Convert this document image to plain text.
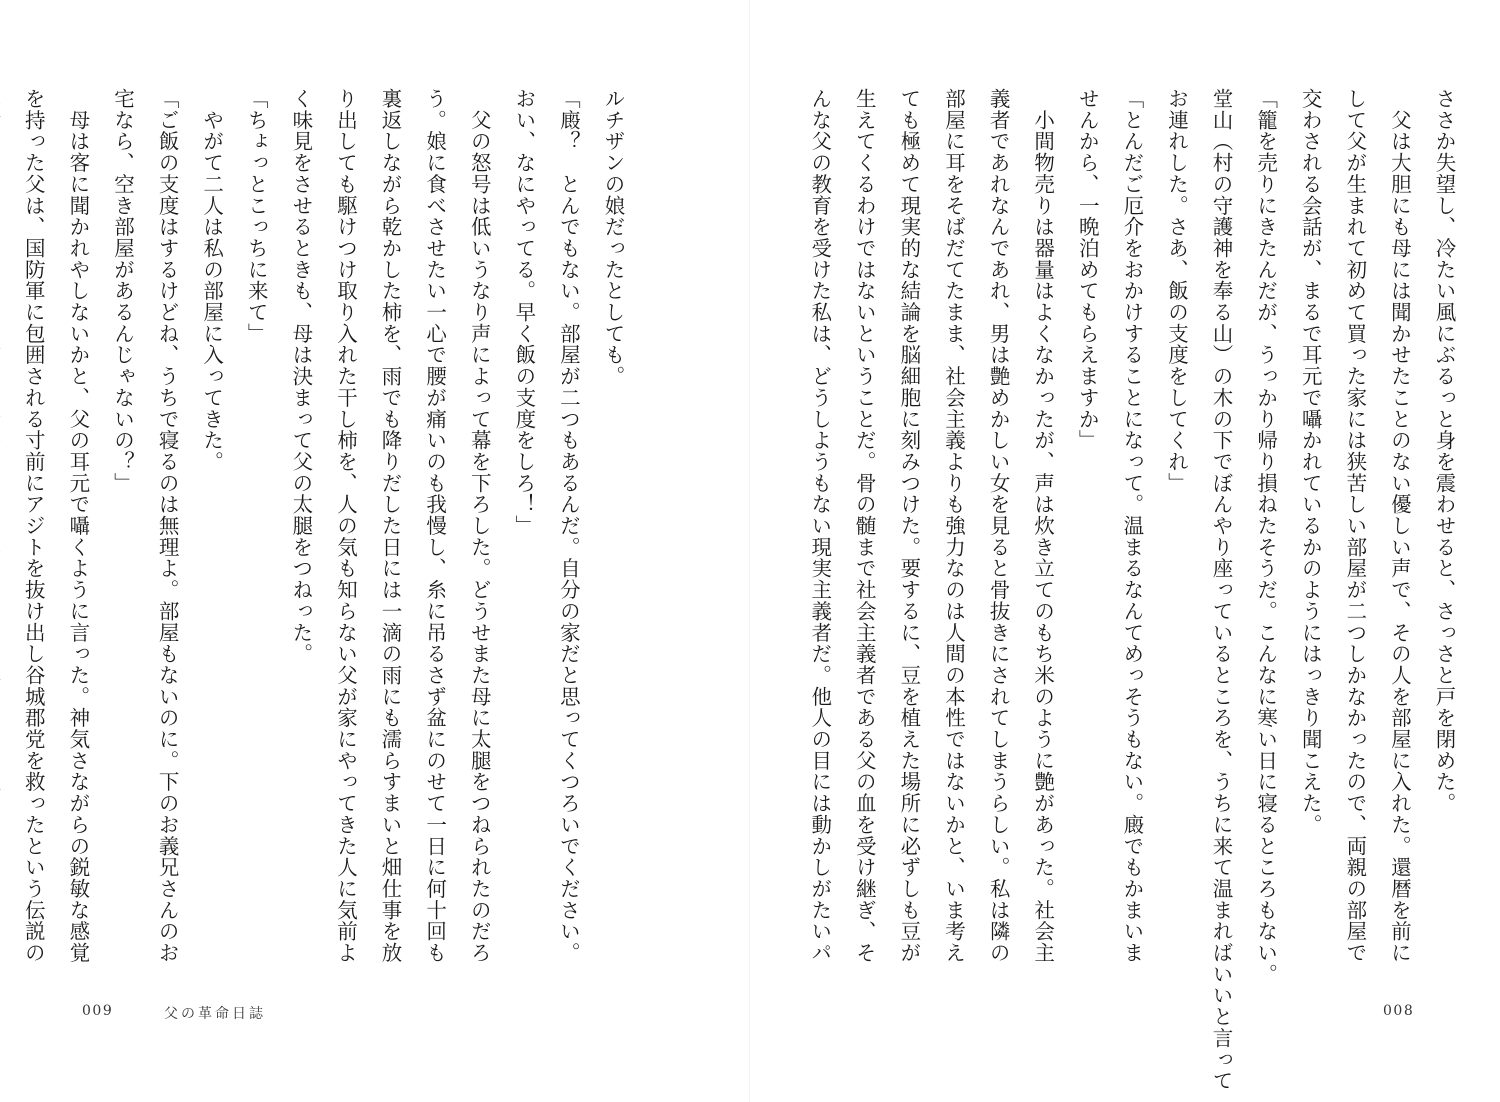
ルチザンの娘だったとしても。
「廄？　とんでもない。部屋が二つもあるんだ。自分の家だと思ってくつろいでください。
おい、なにやってる。早く飯の支度をしろ！」
　父の怒号は低いうなり声によって幕を下ろした。どうせまた母に太腿をつねられたのだろ
う。娘に食べさせたい一心で腰が痛いのも我慢し、糸に吊るさず盆にのせて一日に何十回も
裏返しながら乾かした柿を、雨でも降りだした日には一滴の雨にも濡らすまいと畑仕事を放
り出しても駆けつけ取り入れた干し柿を、人の気も知らない父が家にやってきた人に気前よ
く味見をさせるときも、母は決まって父の太腿をつねった。
「ちょっとこっちに来て」
　やがて二人は私の部屋に入ってきた。
「ご飯の支度はするけどね、うちで寝るのは無理よ。部屋もないのに。下のお義兄さんのお
宅なら、空き部屋があるんじゃないの？」
　母は客に聞かれやしないかと、父の耳元で囁くように言った。神気さながらの鋭敏な感覚
を持った父は、国防軍に包囲される寸前にアジトを抜け出し谷城郡党を救ったという伝説の
009	父の革命日誌
ささか失望し、冷たい風にぶるっと身を震わせると、さっさと戸を閉めた。
　父は大胆にも母には聞かせたことのない優しい声で、その人を部屋に入れた。還暦を前に
して父が生まれて初めて買った家には狭苦しい部屋が二つしかなかったので、両親の部屋で
交わされる会話が、まるで耳元で囁かれているかのようにはっきり聞こえた。
「籠を売りにきたんだが、うっかり帰り損ねたそうだ。こんなに寒い日に寝るところもない。
堂山（村の守護神を奉る山）の木の下でぼんやり座っているところを、うちに来て温まればいいと言って
お連れした。さあ、飯の支度をしてくれ」
「とんだご厄介をおかけすることになって。温まるなんてめっそうもない。廄でもかまいま
せんから、一晩泊めてもらえますか」
　小間物売りは器量はよくなかったが、声は炊き立てのもち米のように艶があった。社会主
義者であれなんであれ、男は艶めかしい女を見ると骨抜きにされてしまうらしい。私は隣の
部屋に耳をそばだてたまま、社会主義よりも強力なのは人間の本性ではないかと、いま考え
ても極めて現実的な結論を脳細胞に刻みつけた。要するに、豆を植えた場所に必ずしも豆が
生えてくるわけではないということだ。骨の髄まで社会主義者である父の血を受け継ぎ、そ
んな父の教育を受けた私は、どうしようもない現実主義者だ。他人の目には動かしがたいパ
008
